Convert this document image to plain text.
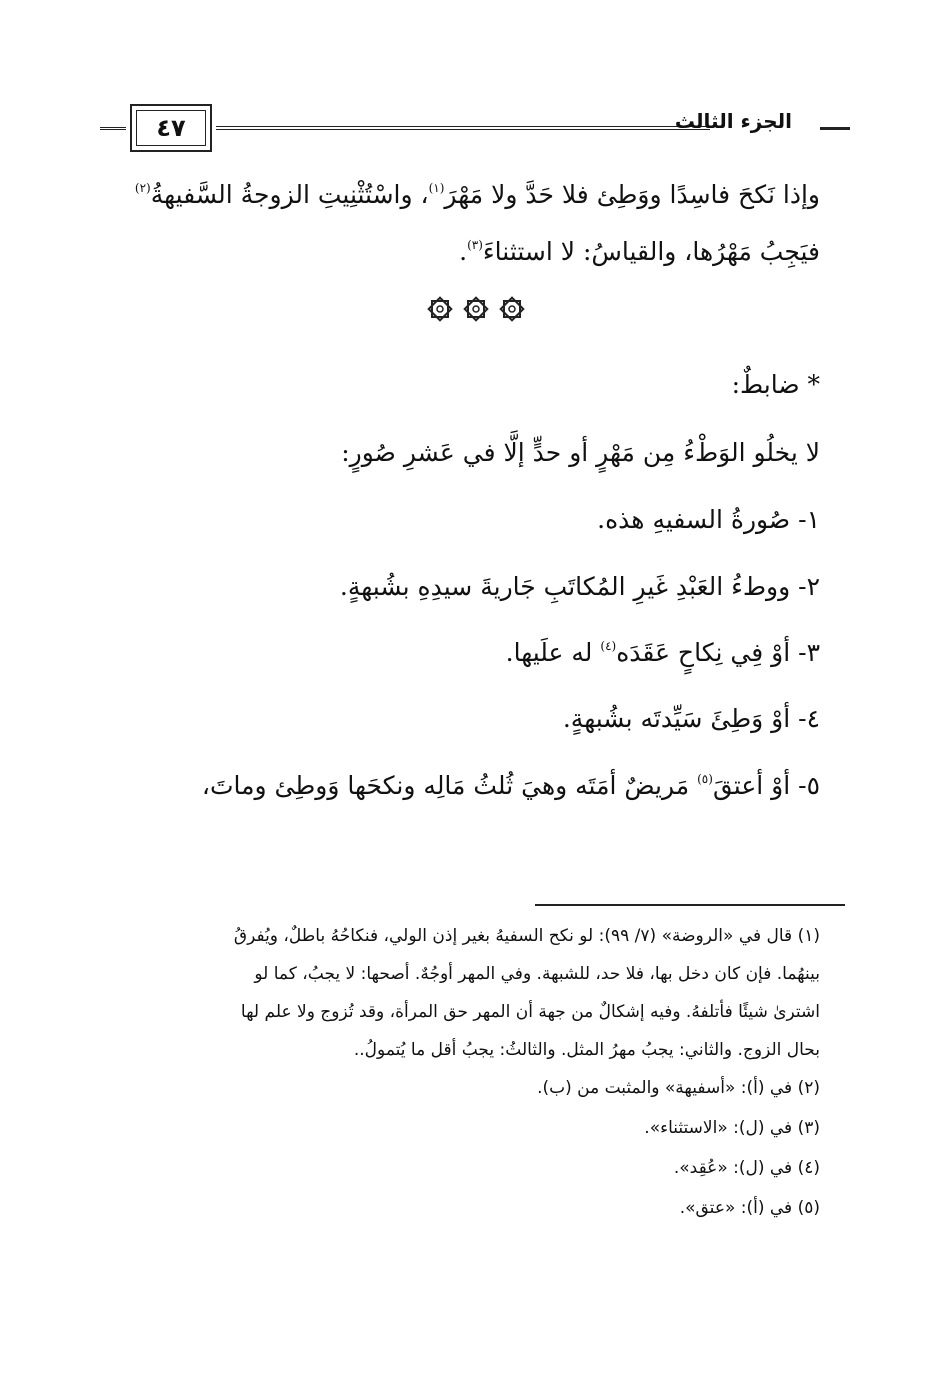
٤٧	الجزء الثالث
وإذا نَكحَ فاسِدًا ووَطِئ فلا حَدَّ ولا مَهْرَ$^{(١)}$، واسْتُثْنِيتِ الزوجةُ السَّفيهةُ$^{(٢)}$
فيَجِبُ مَهْرُها، والقياسُ: لا استثناءَ$^{(٣)}$.
* ضابطٌ:
لا يخلُو الوَطْءُ مِن مَهْرٍ أو حدٍّ إلَّا في عَشرِ صُورٍ:
١- صُورةُ السفيهِ هذه.
٢- ووطءُ العَبْدِ غَيرِ المُكاتَبِ جَاريةَ سيدِهِ بشُبهةٍ.
٣- أوْ فِي نِكاحٍ عَقَدَه$^{(٤)}$ له علَيها.
٤- أوْ وَطِئَ سَيِّدتَه بشُبهةٍ.
٥- أوْ أعتقَ$^{(٥)}$ مَريضٌ أمَتَه وهيَ ثُلثُ مَالِه ونكحَها وَوطِئ وماتَ،
(١) قال في «الروضة» (٧/ ٩٩): لو نكح السفيهُ بغير إذن الولي، فنكاحُهُ باطلٌ، ويُفرقُ
بينهُما. فإن كان دخل بها، فلا حد، للشبهة. وفي المهر أوجُهٌ. أصحها: لا يجبُ، كما لو
اشترىٰ شيئًا فأتلفهُ. وفيه إشكالٌ من جهة أن المهر حق المرأة، وقد تُزوج ولا علم لها
بحال الزوج. والثاني: يجبُ مهرُ المثل. والثالثُ: يجبُ أقل ما يُتمولُ..
(٢) في (أ): «أسفيهة» والمثبت من (ب).
(٣) في (ل): «الاستثناء».
(٤) في (ل): «عُقِد».
(٥) في (أ): «عتق».
